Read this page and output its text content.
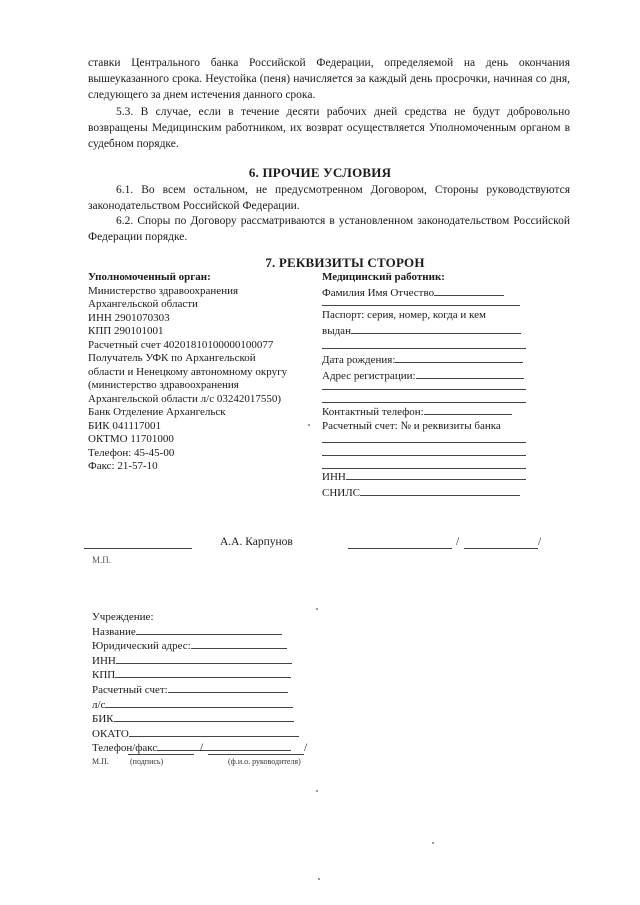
ставки Центрального банка Российской Федерации, определяемой на день окончания вышеуказанного срока. Неустойка (пеня) начисляется за каждый день просрочки, начиная со дня, следующего за днем истечения данного срока.

5.3. В случае, если в течение десяти рабочих дней средства не будут добровольно возвращены Медицинским работником, их возврат осуществляется Уполномоченным органом в судебном порядке.

6. ПРОЧИЕ УСЛОВИЯ

6.1. Во всем остальном, не предусмотренном Договором, Стороны руководствуются законодательством Российской Федерации.

6.2. Споры по Договору рассматриваются в установленном законодательством Российской Федерации порядке.

7. РЕКВИЗИТЫ СТОРОН
Уполномоченный орган:
Министерство здравоохранения
Архангельской области
ИНН 2901070303
КПП 290101001
Расчетный счет 40201810100000100077
Получатель УФК по Архангельской
области и Ненецкому автономному округу
(министерство здравоохранения
Архангельской области л/с 03242017550)
Банк Отделение Архангельск
БИК 041117001
ОКТМО 11701000
Телефон: 45-45-00
Факс: 21-57-10
Медицинский работник:
Фамилия Имя Отчество
Паспорт: серия, номер, когда и кем
выдан
Дата рождения:
Адрес регистрации:
Контактный телефон:
Расчетный счет: № и реквизиты банка
ИНН
СНИЛС
А.А. Карпунов
М.П.
/	/
Учреждение:
Название
Юридический адрес:
ИНН
КПП
Расчетный счет:
л/с
БИК
ОКАТО
Телефон/факс	/	/
М.П.	(подпись)	(ф.и.о. руководителя)
